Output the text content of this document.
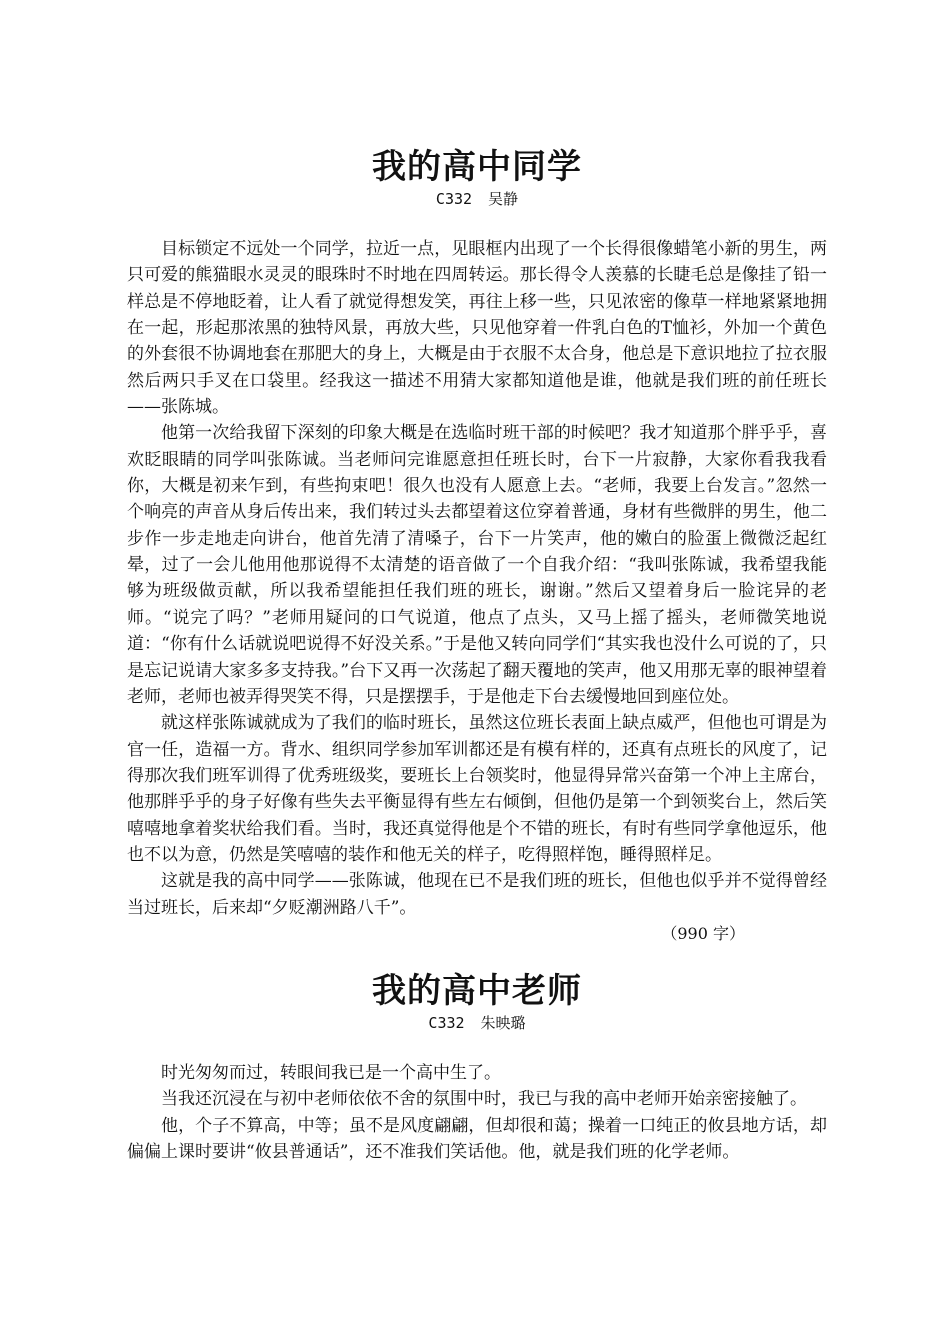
我的高中同学
C332 吴静

目标锁定不远处一个同学，拉近一点，见眼框内出现了一个长得很像蜡笔小新的男生，两只可爱的熊猫眼水灵灵的眼珠时不时地在四周转运。那长得令人羡慕的长睫毛总是像挂了铅一样总是不停地眨着，让人看了就觉得想发笑，再往上移一些，只见浓密的像草一样地紧紧地拥在一起，形起那浓黑的独特风景，再放大些，只见他穿着一件乳白色的T恤衫，外加一个黄色的外套很不协调地套在那肥大的身上，大概是由于衣服不太合身，他总是下意识地拉了拉衣服然后两只手叉在口袋里。经我这一描述不用猜大家都知道他是谁，他就是我们班的前任班长——张陈城。

他第一次给我留下深刻的印象大概是在选临时班干部的时候吧？我才知道那个胖乎乎，喜欢眨眼睛的同学叫张陈诚。当老师问完谁愿意担任班长时，台下一片寂静，大家你看我我看你，大概是初来乍到，有些拘束吧！很久也没有人愿意上去。“老师，我要上台发言。”忽然一个响亮的声音从身后传出来，我们转过头去都望着这位穿着普通，身材有些微胖的男生，他二步作一步走地走向讲台，他首先清了清嗓子，台下一片笑声，他的嫩白的脸蛋上微微泛起红晕，过了一会儿他用他那说得不太清楚的语音做了一个自我介绍：“我叫张陈诚，我希望我能够为班级做贡献，所以我希望能担任我们班的班长，谢谢。”然后又望着身后一脸诧异的老师。“说完了吗？”老师用疑问的口气说道，他点了点头，又马上摇了摇头，老师微笑地说道：“你有什么话就说吧说得不好没关系。”于是他又转向同学们“其实我也没什么可说的了，只是忘记说请大家多多支持我。”台下又再一次荡起了翻天覆地的笑声，他又用那无辜的眼神望着老师，老师也被弄得哭笑不得，只是摆摆手，于是他走下台去缓慢地回到座位处。

就这样张陈诚就成为了我们的临时班长，虽然这位班长表面上缺点威严，但他也可谓是为官一任，造福一方。背水、组织同学参加军训都还是有模有样的，还真有点班长的风度了，记得那次我们班军训得了优秀班级奖，要班长上台领奖时，他显得异常兴奋第一个冲上主席台，他那胖乎乎的身子好像有些失去平衡显得有些左右倾倒，但他仍是第一个到领奖台上，然后笑嘻嘻地拿着奖状给我们看。当时，我还真觉得他是个不错的班长，有时有些同学拿他逗乐，他也不以为意，仍然是笑嘻嘻的装作和他无关的样子，吃得照样饱，睡得照样足。

这就是我的高中同学——张陈诚，他现在已不是我们班的班长，但他也似乎并不觉得曾经当过班长，后来却“夕贬潮洲路八千”。

（990 字）

我的高中老师
C332 朱映璐

时光匆匆而过，转眼间我已是一个高中生了。

当我还沉浸在与初中老师依依不舍的氛围中时，我已与我的高中老师开始亲密接触了。

他，个子不算高，中等；虽不是风度翩翩，但却很和蔼；操着一口纯正的攸县地方话，却偏偏上课时要讲“攸县普通话”，还不准我们笑话他。他，就是我们班的化学老师。
